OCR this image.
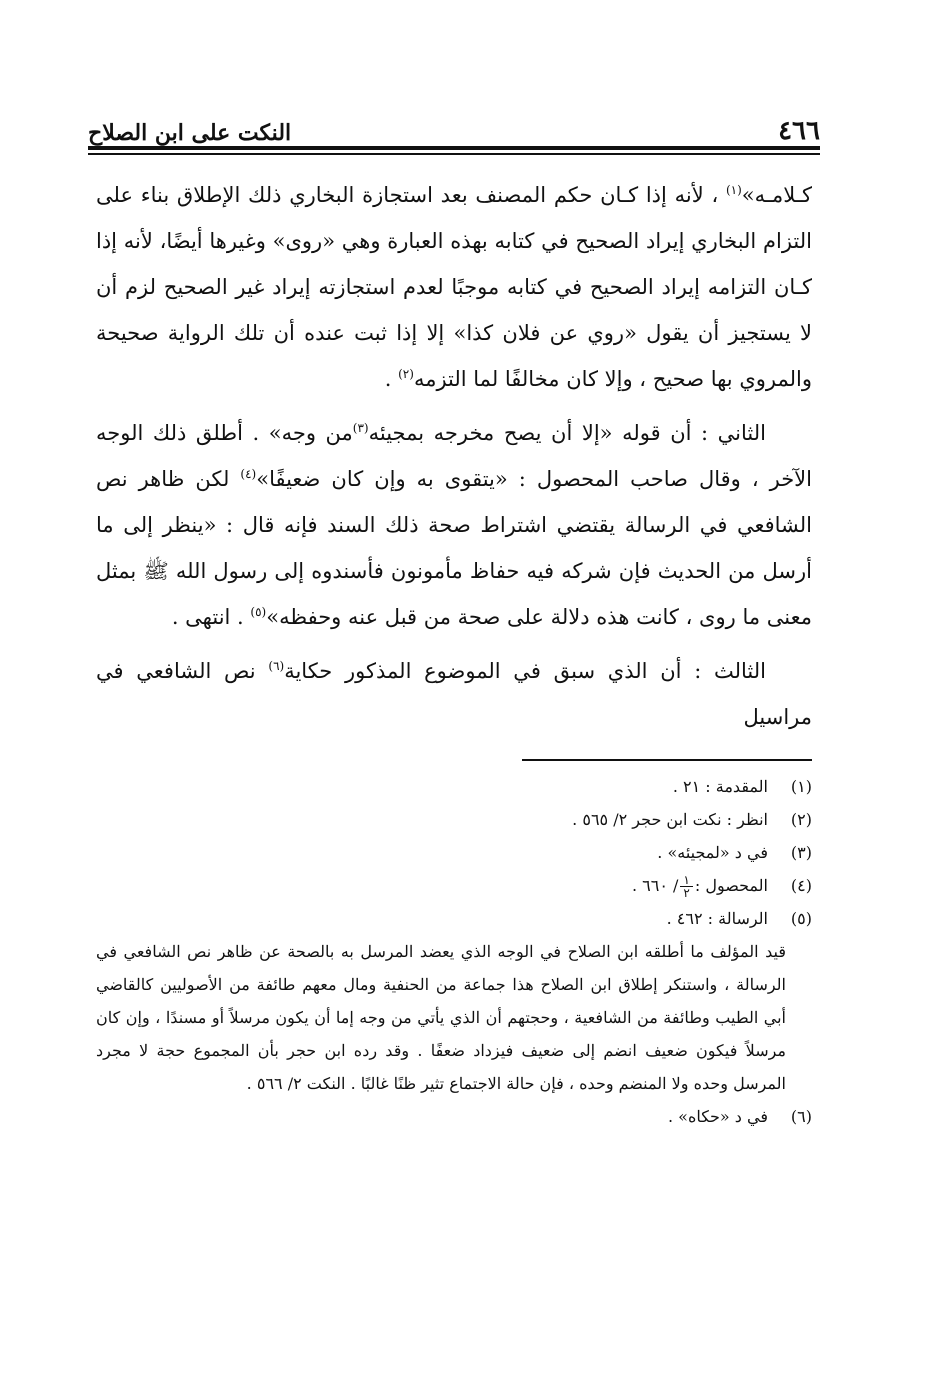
٤٦٦
النكت على ابن الصلاح

كـلامـه»$^{(١)}$ ، لأنه إذا كـان حكم المصنف بعد استجازة البخاري ذلك الإطلاق بناء على التزام البخاري إيراد الصحيح في كتابه بهذه العبارة وهي «روى» وغيرها أيضًا، لأنه إذا كـان التزامه إيراد الصحيح في كتابه موجبًا لعدم استجازته إيراد غير الصحيح لزم أن لا يستجيز أن يقول «روي عن فلان كذا» إلا إذا ثبت عنده أن تلك الرواية صحيحة والمروي بها صحيح ، وإلا كان مخالفًا لما التزمه$^{(٢)}$ .

الثاني : أن قوله «إلا أن يصح مخرجه بمجيئه$^{(٣)}$من وجه» . أطلق ذلك الوجه الآخر ، وقال صاحب المحصول : «يتقوى به وإن كان ضعيفًا»$^{(٤)}$ لكن ظاهر نص الشافعي في الرسالة يقتضي اشتراط صحة ذلك السند فإنه قال : «ينظر إلى ما أرسل من الحديث فإن شركه فيه حفاظ مأمونون فأسندوه إلى رسول الله ﷺ بمثل معنى ما روى ، كانت هذه دلالة على صحة من قبل عنه وحفظه»$^{(٥)}$ . انتهى .

الثالث : أن الذي سبق في الموضوع المذكور حكاية$^{(٦)}$ نص الشافعي في مراسيل

(١)
المقدمة : ٢١ .
(٢)
انظر : نكت ابن حجر ٢/ ٥٦٥ .
(٣)
في د «لمجيئه» .
(٤)
المحصول :
$\frac{١}{٢}$
/ ٦٦٠ .
(٥)
الرسالة : ٤٦٢ .
قيد المؤلف ما أطلقه ابن الصلاح في الوجه الذي يعضد المرسل به بالصحة عن ظاهر نص الشافعي في الرسالة ، واستنكر إطلاق ابن الصلاح هذا جماعة من الحنفية ومال معهم طائفة من الأصوليين كالقاضي أبي الطيب وطائفة من الشافعية ، وحجتهم أن الذي يأتي من وجه إما أن يكون مرسلاً أو مسندًا ، وإن كان مرسلاً فيكون ضعيف انضم إلى ضعيف فيزداد ضعفًا . وقد رده ابن حجر بأن المجموع حجة لا مجرد المرسل وحده ولا المنضم وحده ، فإن حالة الاجتماع تثير ظنًا غالبًا . النكت ٢/ ٥٦٦ .
(٦)
في د «حكاه» .
